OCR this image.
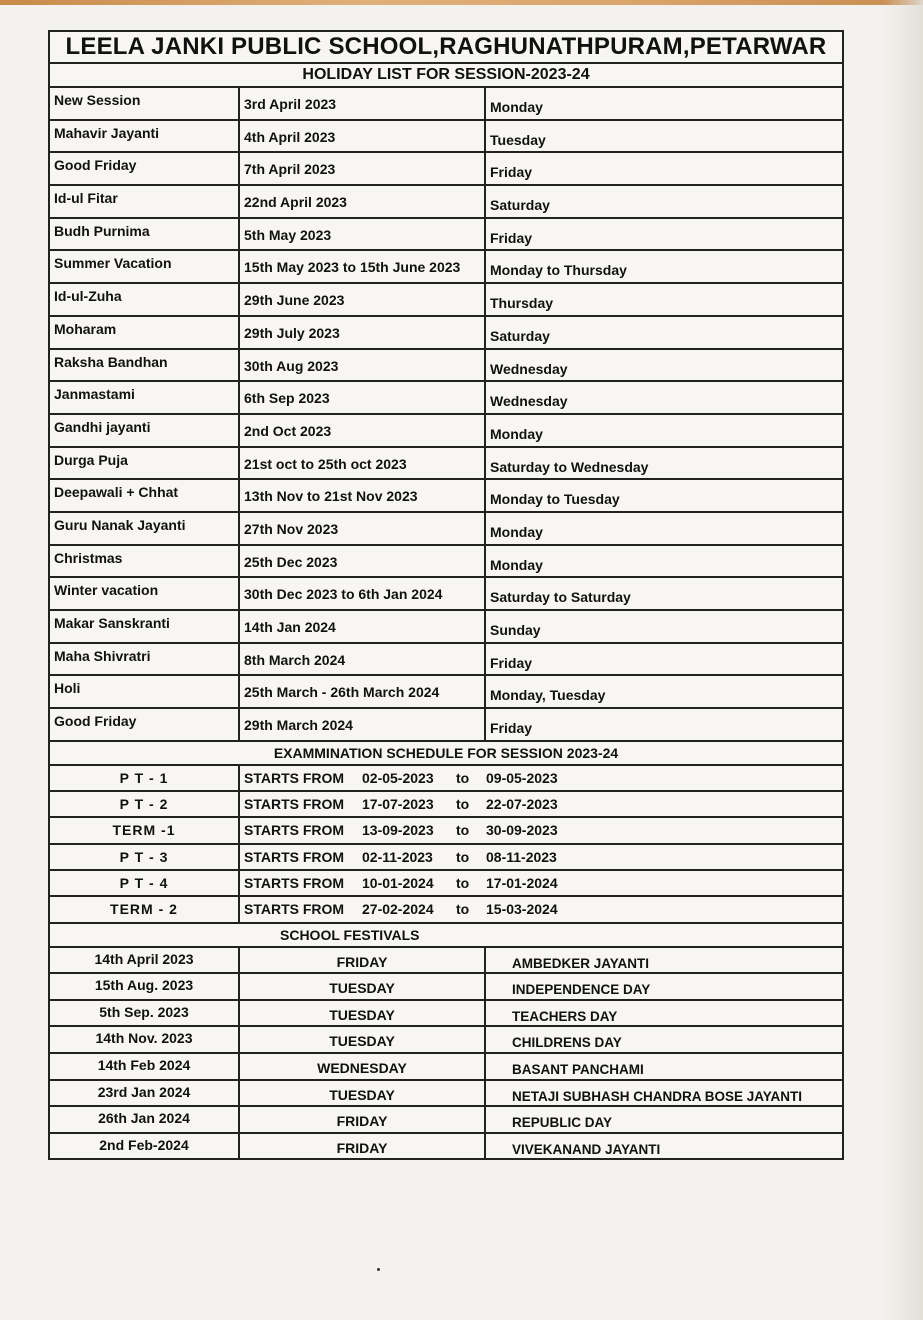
LEELA JANKI PUBLIC SCHOOL,RAGHUNATHPURAM,PETARWAR
HOLIDAY LIST FOR SESSION-2023-24
New Session	3rd April 2023	Monday
Mahavir Jayanti	4th April 2023	Tuesday
Good Friday	7th April 2023	Friday
Id-ul Fitar	22nd April 2023	Saturday
Budh Purnima	5th May 2023	Friday
Summer Vacation	15th May 2023 to 15th June 2023	Monday to Thursday
Id-ul-Zuha	29th June 2023	Thursday
Moharam	29th July 2023	Saturday
Raksha Bandhan	30th Aug 2023	Wednesday
Janmastami	6th Sep 2023	Wednesday
Gandhi jayanti	2nd Oct 2023	Monday
Durga Puja	21st oct to 25th oct 2023	Saturday to Wednesday
Deepawali + Chhat	13th Nov to 21st Nov 2023	Monday to Tuesday
Guru Nanak Jayanti	27th Nov 2023	Monday
Christmas	25th Dec 2023	Monday
Winter vacation	30th Dec 2023 to 6th Jan 2024	Saturday to Saturday
Makar Sanskranti	14th Jan 2024	Sunday
Maha Shivratri	8th March 2024	Friday
Holi	25th March - 26th March 2024	Monday, Tuesday
Good Friday	29th March 2024	Friday
EXAMMINATION SCHEDULE FOR SESSION 2023-24
P T - 1	STARTS FROM	02-05-2023	to	09-05-2023
P T - 2	STARTS FROM	17-07-2023	to	22-07-2023
TERM -1	STARTS FROM	13-09-2023	to	30-09-2023
P T - 3	STARTS FROM	02-11-2023	to	08-11-2023
P T - 4	STARTS FROM	10-01-2024	to	17-01-2024
TERM - 2	STARTS FROM	27-02-2024	to	15-03-2024
SCHOOL FESTIVALS
14th April 2023	FRIDAY	AMBEDKER JAYANTI
15th Aug. 2023	TUESDAY	INDEPENDENCE DAY
5th Sep. 2023	TUESDAY	TEACHERS DAY
14th Nov. 2023	TUESDAY	CHILDRENS DAY
14th Feb 2024	WEDNESDAY	BASANT PANCHAMI
23rd Jan 2024	TUESDAY	NETAJI SUBHASH CHANDRA BOSE JAYANTI
26th Jan 2024	FRIDAY	REPUBLIC DAY
2nd Feb-2024	FRIDAY	VIVEKANAND JAYANTI
